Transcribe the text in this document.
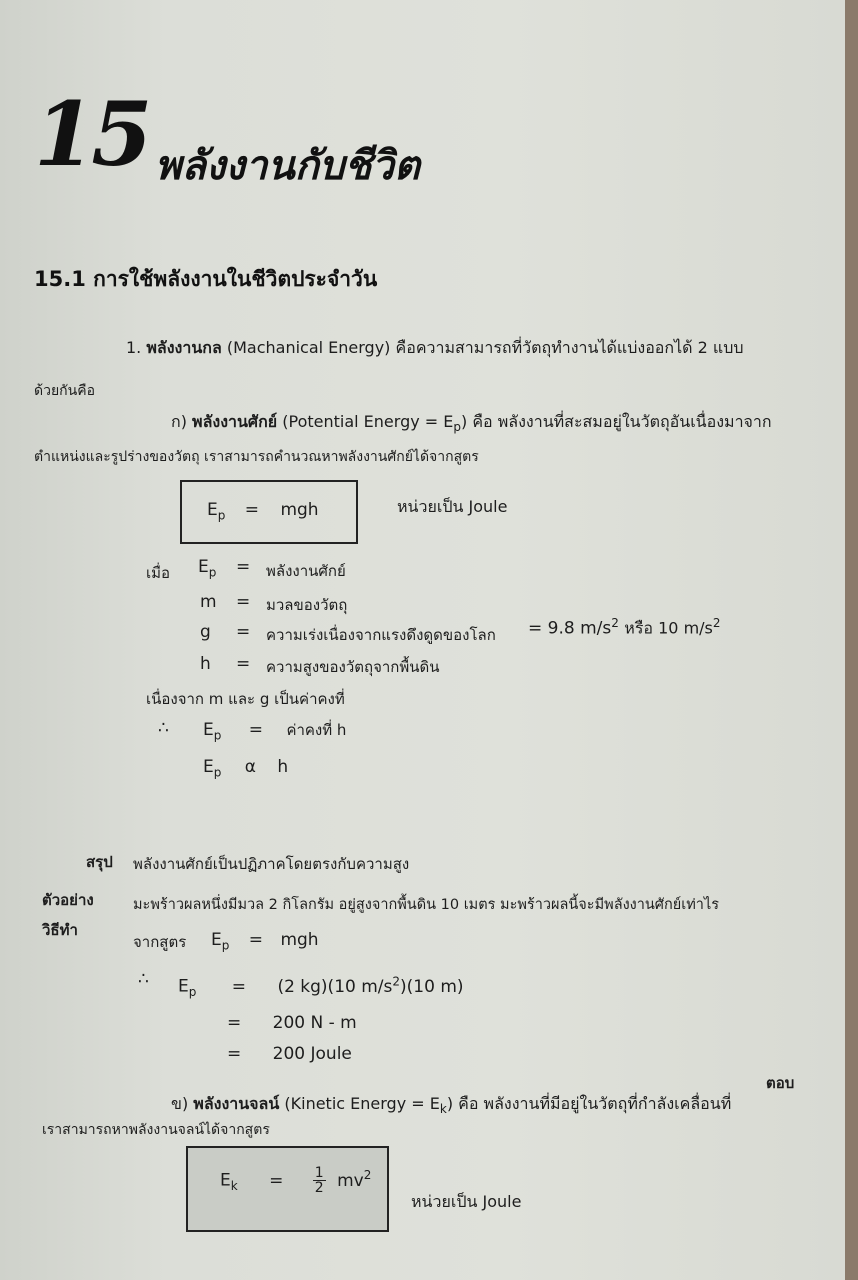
15 พลังงานกับชีวิต
15.1 การใช้พลังงานในชีวิตประจำวัน
1. พลังงานกล (Machanical Energy) คือความสามารถที่วัตถุทำงานได้แบ่งออกได้ 2 แบบ
ด้วยกันคือ
ก) พลังงานศักย์ (Potential Energy = $E_p$) คือ พลังงานที่สะสมอยู่ในวัตถุอันเนื่องมาจาก
ตำแหน่งและรูปร่างของวัตถุ เราสามารถคำนวณหาพลังงานศักย์ได้จากสูตร
$E_p$ = mgh	หน่วยเป็น Joule
เมื่อ $E_p$ = พลังงานศักย์
m = มวลของวัตถุ
g = ความเร่งเนื่องจากแรงดึงดูดของโลก = 9.8 $m/s^2$ หรือ 10 $m/s^2$
h = ความสูงของวัตถุจากพื้นดิน
เนื่องจาก m และ g เป็นค่าคงที่
∴ $E_p$ = ค่าคงที่ h
$E_p$ α h
สรุป พลังงานศักย์เป็นปฏิภาคโดยตรงกับความสูง
ตัวอย่าง	มะพร้าวผลหนึ่งมีมวล 2 กิโลกรัม อยู่สูงจากพื้นดิน 10 เมตร มะพร้าวผลนี้จะมีพลังงานศักย์เท่าไร
วิธีทำ
จากสูตร $E_p$ = mgh
∴ $E_p = (2$ kg)(10 $m/s^2)(10$ m)
= 200 N - m
= 200 Joule
ตอบ
ข) พลังงานจลน์ (Kinetic Energy = $E_k$) คือ พลังงานที่มีอยู่ในวัตถุที่กำลังเคลื่อนที่
เราสามารถหาพลังงานจลน์ได้จากสูตร
$E_k = \frac{1}{2} mv^2$
หน่วยเป็น Joule
